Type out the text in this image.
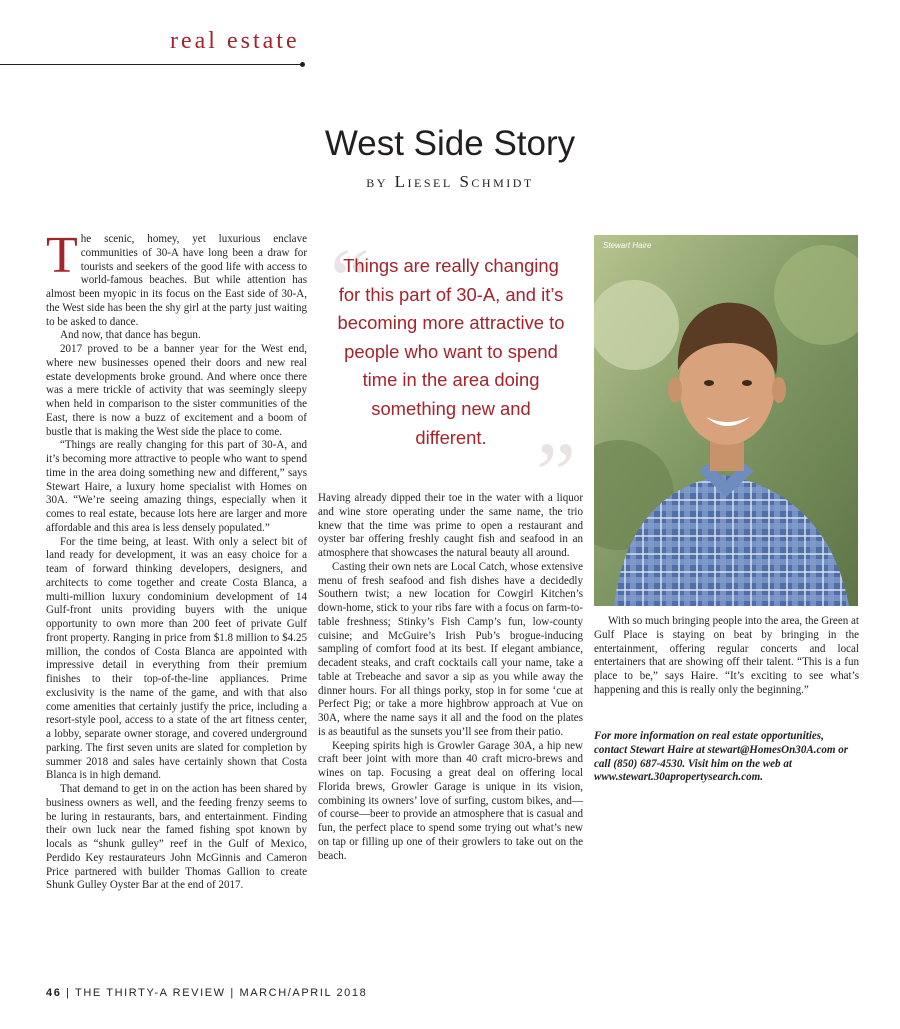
real estate
West Side Story
by Liesel Schmidt

The scenic, homey, yet luxurious enclave communities of 30-A have long been a draw for tourists and seekers of the good life with access to world-famous beaches. But while attention has almost been myopic in its focus on the East side of 30-A, the West side has been the shy girl at the party just waiting to be asked to dance.

And now, that dance has begun.

2017 proved to be a banner year for the West end, where new businesses opened their doors and new real estate developments broke ground. And where once there was a mere trickle of activity that was seemingly sleepy when held in comparison to the sister communities of the East, there is now a buzz of excitement and a boom of bustle that is making the West side the place to come.

“Things are really changing for this part of 30-A, and it’s becoming more attractive to people who want to spend time in the area doing something new and different,” says Stewart Haire, a luxury home specialist with Homes on 30A. “We’re seeing amazing things, especially when it comes to real estate, because lots here are larger and more affordable and this area is less densely populated.”

For the time being, at least. With only a select bit of land ready for development, it was an easy choice for a team of forward thinking developers, designers, and architects to come together and create Costa Blanca, a multi-million luxury condominium development of 14 Gulf-front units providing buyers with the unique opportunity to own more than 200 feet of private Gulf front property. Ranging in price from $1.8 million to $4.25 million, the condos of Costa Blanca are appointed with impressive detail in everything from their premium finishes to their top-of-the-line appliances. Prime exclusivity is the name of the game, and with that also come amenities that certainly justify the price, including a resort-style pool, access to a state of the art fitness center, a lobby, separate owner storage, and covered underground parking. The first seven units are slated for completion by summer 2018 and sales have certainly shown that Costa Blanca is in high demand.

That demand to get in on the action has been shared by business owners as well, and the feeding frenzy seems to be luring in restaurants, bars, and entertainment. Finding their own luck near the famed fishing spot known by locals as “shunk gulley” reef in the Gulf of Mexico, Perdido Key restaurateurs John McGinnis and Cameron Price partnered with builder Thomas Gallion to create Shunk Gulley Oyster Bar at the end of 2017.

“
”
Things are really changing for this part of 30-A, and it’s becoming more attractive to people who want to spend time in the area doing something new and different.

Having already dipped their toe in the water with a liquor and wine store operating under the same name, the trio knew that the time was prime to open a restaurant and oyster bar offering freshly caught fish and seafood in an atmosphere that showcases the natural beauty all around.

Casting their own nets are Local Catch, whose extensive menu of fresh seafood and fish dishes have a decidedly Southern twist; a new location for Cowgirl Kitchen’s down-home, stick to your ribs fare with a focus on farm-to-table freshness; Stinky’s Fish Camp’s fun, low-county cuisine; and McGuire’s Irish Pub’s brogue-inducing sampling of comfort food at its best. If elegant ambiance, decadent steaks, and craft cocktails call your name, take a table at Trebeache and savor a sip as you while away the dinner hours. For all things porky, stop in for some ‘cue at Perfect Pig; or take a more highbrow approach at Vue on 30A, where the name says it all and the food on the plates is as beautiful as the sunsets you’ll see from their patio.

Keeping spirits high is Growler Garage 30A, a hip new craft beer joint with more than 40 craft micro-brews and wines on tap. Focusing a great deal on offering local Florida brews, Growler Garage is unique in its vision, combining its owners’ love of surfing, custom bikes, and—of course—beer to provide an atmosphere that is casual and fun, the perfect place to spend some trying out what’s new on tap or filling up one of their growlers to take out on the beach.

Stewart Haire

With so much bringing people into the area, the Green at Gulf Place is staying on beat by bringing in the entertainment, offering regular concerts and local entertainers that are showing off their talent. “This is a fun place to be,” says Haire. “It’s exciting to see what’s happening and this is really only the beginning.”

For more information on real estate opportunities, contact Stewart Haire at stewart@HomesOn30A.com or call (850) 687-4530. Visit him on the web at www.stewart.30apropertysearch.com.
46 | THE THIRTY-A REVIEW | MARCH/APRIL 2018
